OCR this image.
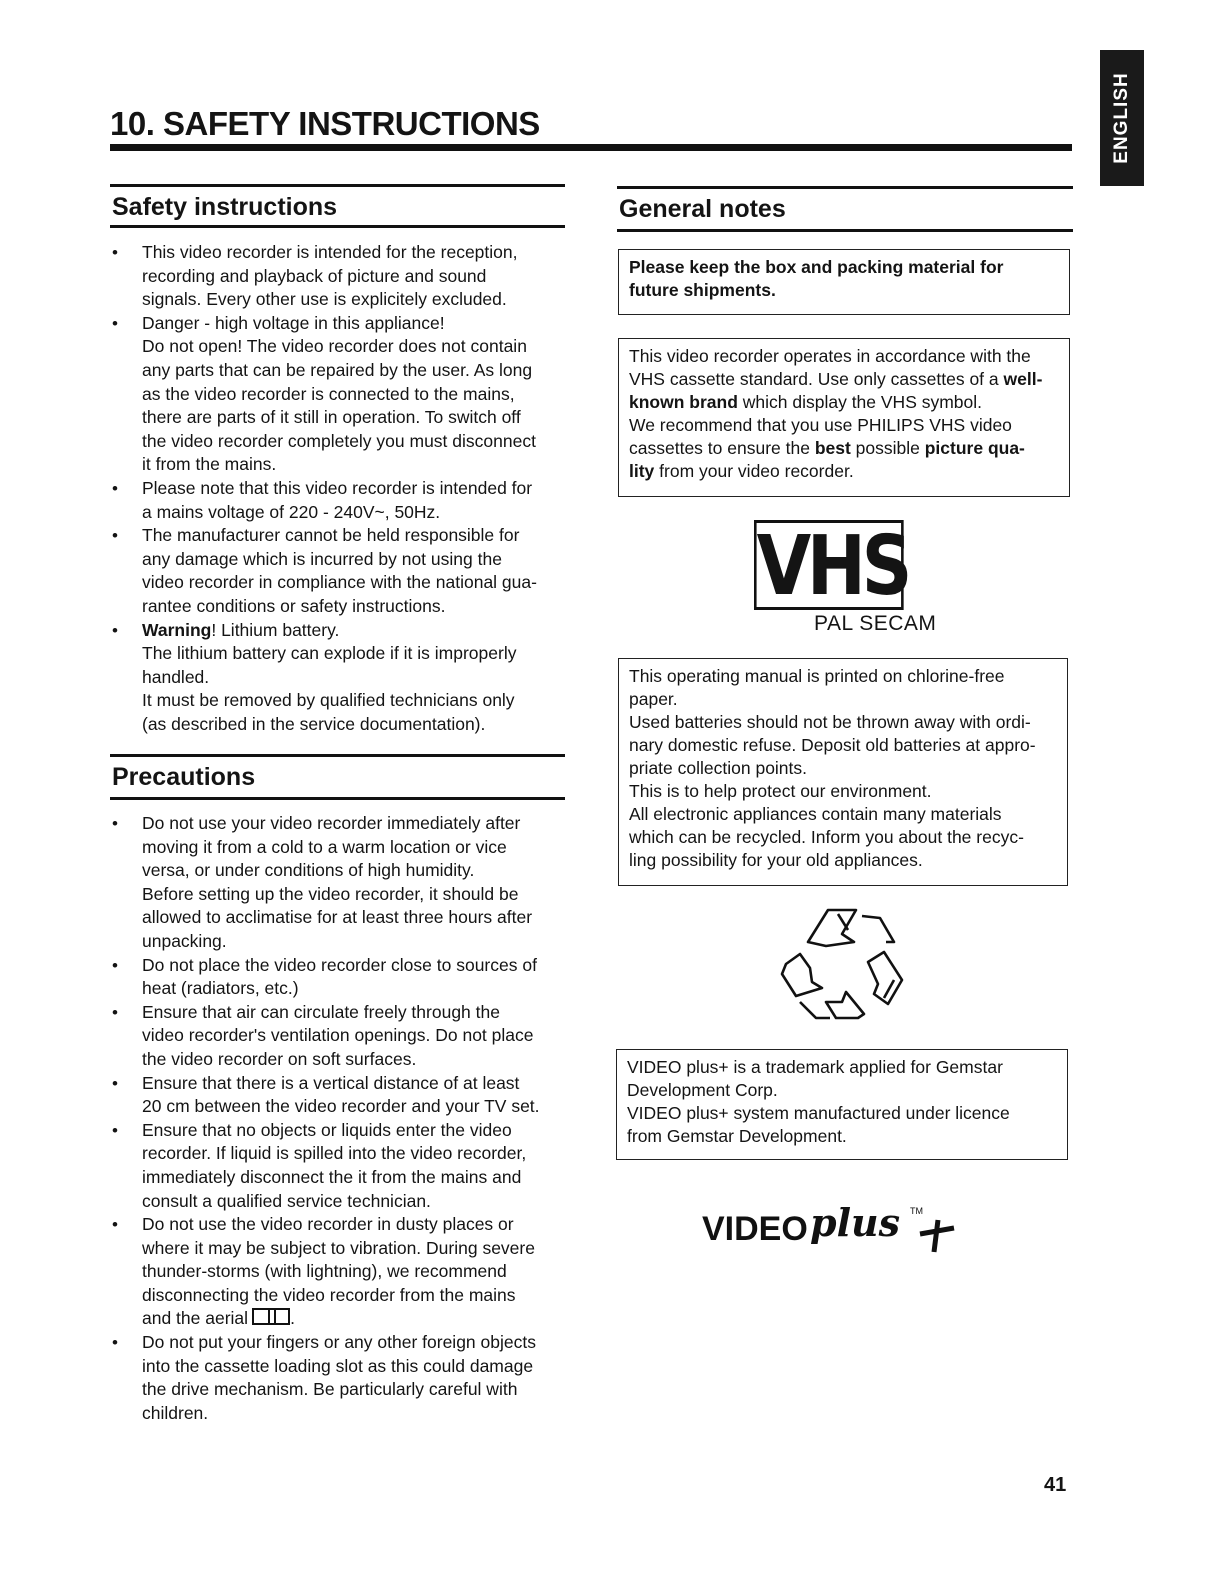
10. SAFETY INSTRUCTIONS	ENGLISH
Safety instructions
• This video recorder is intended for the reception,
recording and playback of picture and sound
signals. Every other use is explicitely excluded.
• Danger - high voltage in this appliance!
Do not open! The video recorder does not contain
any parts that can be repaired by the user. As long
as the video recorder is connected to the mains,
there are parts of it still in operation. To switch off
the video recorder completely you must disconnect
it from the mains.
• Please note that this video recorder is intended for
a mains voltage of 220 - 240V~, 50Hz.
• The manufacturer cannot be held responsible for
any damage which is incurred by not using the
video recorder in compliance with the national gua-
rantee conditions or safety instructions.
• Warning! Lithium battery.
The lithium battery can explode if it is improperly
handled.
It must be removed by qualified technicians only
(as described in the service documentation).
Precautions
• Do not use your video recorder immediately after
moving it from a cold to a warm location or vice
versa, or under conditions of high humidity.
Before setting up the video recorder, it should be
allowed to acclimatise for at least three hours after
unpacking.
• Do not place the video recorder close to sources of
heat (radiators, etc.)
• Ensure that air can circulate freely through the
video recorder's ventilation openings. Do not place
the video recorder on soft surfaces.
• Ensure that there is a vertical distance of at least
20 cm between the video recorder and your TV set.
• Ensure that no objects or liquids enter the video
recorder. If liquid is spilled into the video recorder,
immediately disconnect the it from the mains and
consult a qualified service technician.
• Do not use the video recorder in dusty places or
where it may be subject to vibration. During severe
thunder-storms (with lightning), we recommend
disconnecting the video recorder from the mains
and the aerial .
• Do not put your fingers or any other foreign objects
into the cassette loading slot as this could damage
the drive mechanism. Be particularly careful with
children.
General notes

Please keep the box and packing material for

future shipments.

This video recorder operates in accordance with the

VHS cassette standard. Use only cassettes of a well-

known brand which display the VHS symbol.

We recommend that you use PHILIPS VHS video

cassettes to ensure the best possible picture qua-

lity from your video recorder.

VHS
PAL SECAM

This operating manual is printed on chlorine-free

paper.

Used batteries should not be thrown away with ordi-

nary domestic refuse. Deposit old batteries at appro-

priate collection points.

This is to help protect our environment.

All electronic appliances contain many materials

which can be recycled. Inform you about the recyc-

ling possibility for your old appliances.

VIDEO plus+ is a trademark applied for Gemstar

Development Corp.

VIDEO plus+ system manufactured under licence

from Gemstar Development.

VIDEO plus TM
41
